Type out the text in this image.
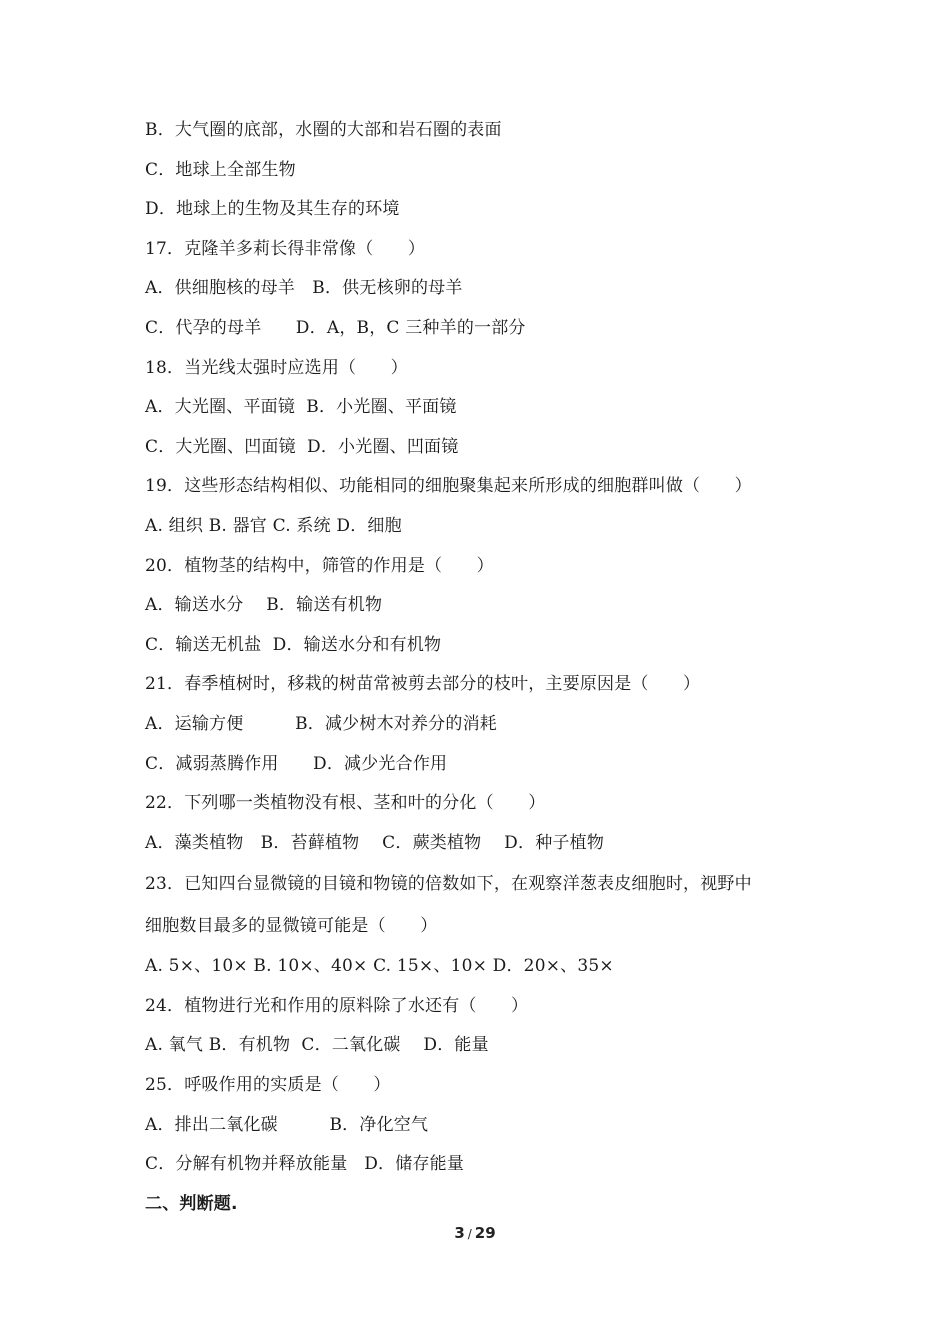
B．大气圈的底部，水圈的大部和岩石圈的表面
C．地球上全部生物
D．地球上的生物及其生存的环境
17．克隆羊多莉长得非常像（　　）
A．供细胞核的母羊　B．供无核卵的母羊
C．代孕的母羊　　D．A，B，C 三种羊的一部分
18．当光线太强时应选用（　　）
A．大光圈、平面镜  B．小光圈、平面镜
C．大光圈、凹面镜  D．小光圈、凹面镜
19．这些形态结构相似、功能相同的细胞聚集起来所形成的细胞群叫做（　　）
A. 组织 B. 器官 C. 系统 D．细胞
20．植物茎的结构中，筛管的作用是（　　）
A．输送水分　 B．输送有机物
C．输送无机盐  D．输送水分和有机物
21．春季植树时，移栽的树苗常被剪去部分的枝叶，主要原因是（　　）
A．运输方便　　　B．减少树木对养分的消耗
C．减弱蒸腾作用　　D．减少光合作用
22．下列哪一类植物没有根、茎和叶的分化（　　）
A．藻类植物　B．苔藓植物　 C．蕨类植物　 D．种子植物
23．已知四台显微镜的目镜和物镜的倍数如下，在观察洋葱表皮细胞时，视野中
细胞数目最多的显微镜可能是（　　）
A. 5×、10× B. 10×、40× C. 15×、10× D．20×、35×
24．植物进行光和作用的原料除了水还有（　　）
A. 氧气 B．有机物  C．二氧化碳　 D．能量
25．呼吸作用的实质是（　　）
A．排出二氧化碳　　　B．净化空气
C．分解有机物并释放能量   D．储存能量
二、判断题.
3 / 29
